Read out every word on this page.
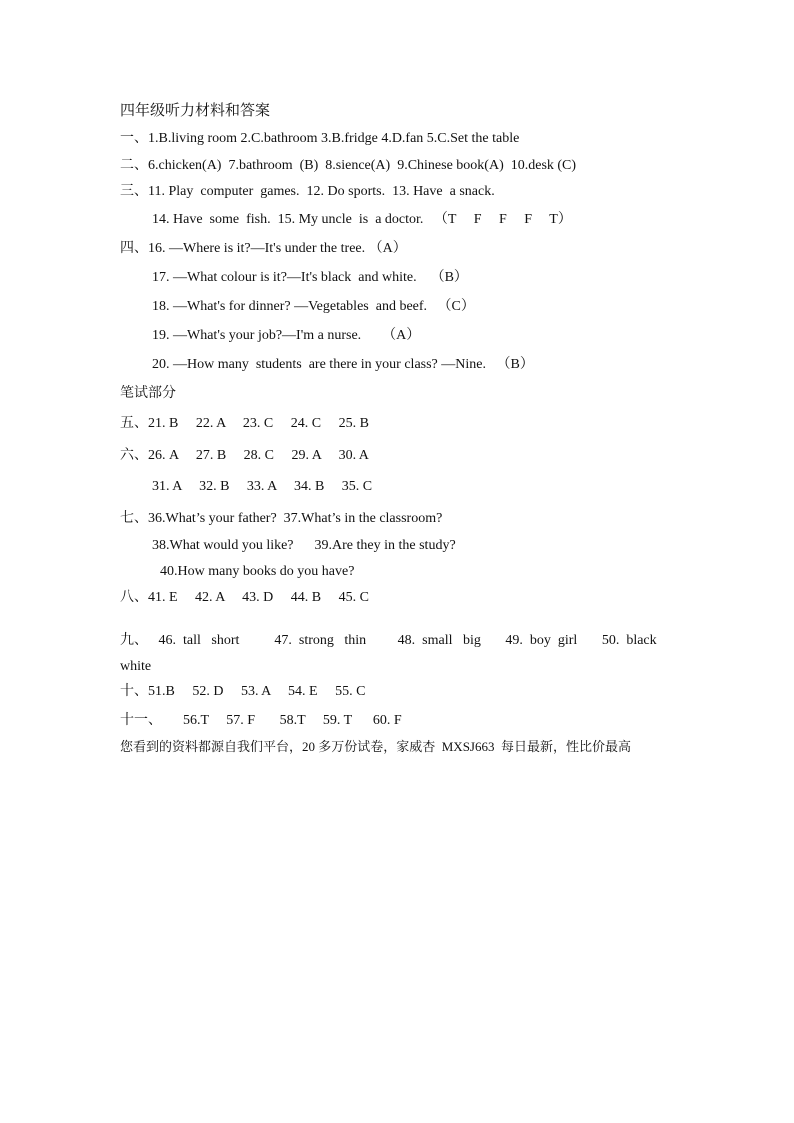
四年级听力材料和答案
一、1.B.living room 2.C.bathroom 3.B.fridge 4.D.fan 5.C.Set the table
二、6.chicken(A)  7.bathroom  (B)  8.sience(A)  9.Chinese book(A)  10.desk (C)
三、11. Play  computer  games.  12. Do sports.  13. Have  a snack.
14. Have  some  fish.  15. My uncle  is  a doctor.   （T     F     F     F     T）
四、16. —Where is it?—It's under the tree. （A）
17. —What colour is it?—It's black  and white.    （B）
18. —What's for dinner? —Vegetables  and beef.   （C）
19. —What's your job?—I'm a nurse.      （A）
20. —How many  students  are there in your class? —Nine.   （B）
笔试部分
五、21. B     22. A     23. C     24. C     25. B
六、26. A     27. B     28. C     29. A     30. A
31. A     32. B     33. A     34. B     35. C
七、36.What’s your father?  37.What’s in the classroom?
38.What would you like?      39.Are they in the study?
40.How many books do you have?
八、41. E     42. A     43. D     44. B     45. C
九、   46.  tall   short          47.  strong   thin         48.  small   big       49.  boy  girl       50.  black
white
十、51.B     52. D     53. A     54. E     55. C
十一、      56.T     57. F       58.T     59. T      60. F
您看到的资料都源自我们平台，20 多万份试卷，家威杏  MXSJ663  每日最新，性比价最高
